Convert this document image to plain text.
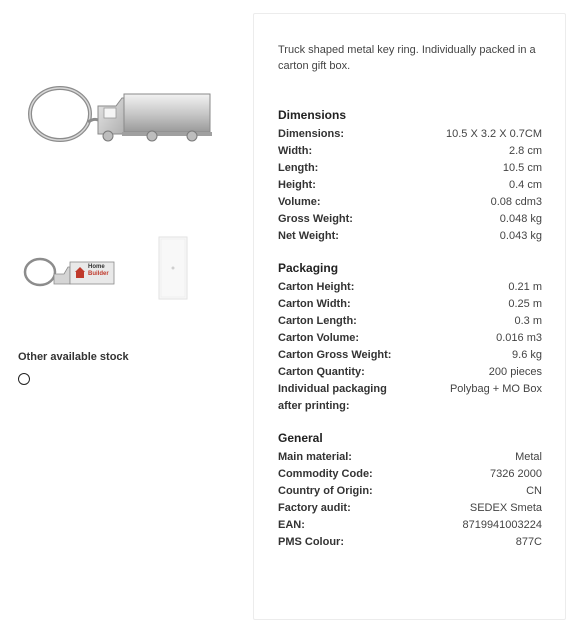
Home
Builder
Other available stock

Truck shaped metal key ring. Individually packed in a carton gift box.

Dimensions
Dimensions:	10.5 X 3.2 X 0.7CM
Width:	2.8 cm
Length:	10.5 cm
Height:	0.4 cm
Volume:	0.08 cdm3
Gross Weight:	0.048 kg
Net Weight:	0.043 kg
Packaging
Carton Height:	0.21 m
Carton Width:	0.25 m
Carton Length:	0.3 m
Carton Volume:	0.016 m3
Carton Gross Weight:	9.6 kg
Carton Quantity:	200 pieces
Individual packaging after printing:
Polybag + MO Box
General
Main material:	Metal
Commodity Code:	7326 2000
Country of Origin:	CN
Factory audit:	SEDEX Smeta
EAN:	8719941003224
PMS Colour:	877C
